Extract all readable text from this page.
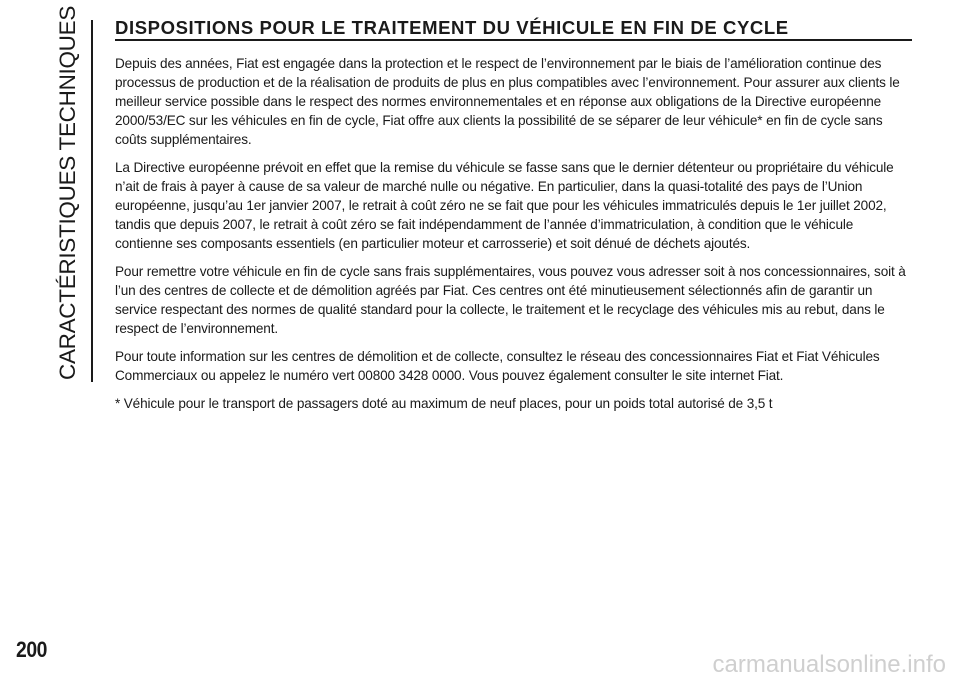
CARACTÉRISTIQUES TECHNIQUES DISPOSITIONS POUR LE TRAITEMENT DU VÉHICULE EN FIN DE CYCLE

Depuis des années, Fiat est engagée dans la protection et le respect de l’environnement par le biais de l’amélioration continue des processus de production et de la réalisation de produits de plus en plus compatibles avec l’environnement. Pour assurer aux clients le meilleur service possible dans le respect des normes environnementales et en réponse aux obligations de la Directive européenne 2000/53/EC sur les véhicules en fin de cycle, Fiat offre aux clients la possibilité de se séparer de leur véhicule* en fin de cycle sans coûts supplémentaires.

La Directive européenne prévoit en effet que la remise du véhicule se fasse sans que le dernier détenteur ou propriétaire du véhicule n’ait de frais à payer à cause de sa valeur de marché nulle ou négative. En particulier, dans la quasi-totalité des pays de l’Union européenne, jusqu’au 1er janvier 2007, le retrait à coût zéro ne se fait que pour les véhicules immatriculés depuis le 1er juillet 2002, tandis que depuis 2007, le retrait à coût zéro se fait indépendamment de l’année d’immatriculation, à condition que le véhicule contienne ses composants essentiels (en particulier moteur et carrosserie) et soit dénué de déchets ajoutés.

Pour remettre votre véhicule en fin de cycle sans frais supplémentaires, vous pouvez vous adresser soit à nos concessionnaires, soit à l’un des centres de collecte et de démolition agréés par Fiat. Ces centres ont été minutieusement sélectionnés afin de garantir un service respectant des normes de qualité standard pour la collecte, le traitement et le recyclage des véhicules mis au rebut, dans le respect de l’environnement.

Pour toute information sur les centres de démolition et de collecte, consultez le réseau des concessionnaires Fiat et Fiat Véhicules Commerciaux ou appelez le numéro vert 00800 3428 0000. Vous pouvez également consulter le site internet Fiat.

* Véhicule pour le transport de passagers doté au maximum de neuf places, pour un poids total autorisé de 3,5 t

200
carmanualsonline.info
